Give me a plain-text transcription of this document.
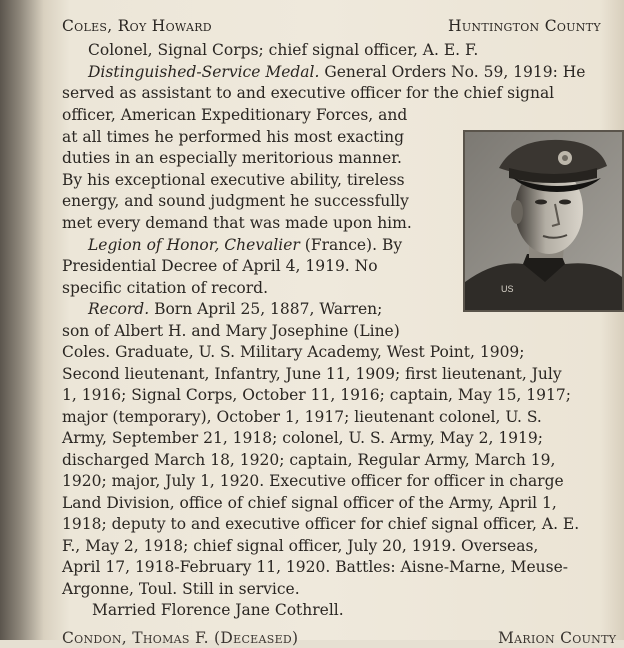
Coles, Roy Howard	Huntington County
Colonel, Signal Corps; chief signal officer, A. E. F.
Distinguished-Service Medal. General Orders No. 59, 1919: He
served as assistant to and executive officer for the chief signal
officer, American Expeditionary Forces, and
at all times he performed his most exacting
duties in an especially meritorious manner.
By his exceptional executive ability, tireless
energy, and sound judgment he successfully
met every demand that was made upon him.
Legion of Honor, Chevalier (France). By
Presidential Decree of April 4, 1919. No
specific citation of record.
Record. Born April 25, 1887, Warren;
son of Albert H. and Mary Josephine (Line)
Coles. Graduate, U. S. Military Academy, West Point, 1909;
Second lieutenant, Infantry, June 11, 1909; first lieutenant, July
1, 1916; Signal Corps, October 11, 1916; captain, May 15, 1917;
major (temporary), October 1, 1917; lieutenant colonel, U. S.
Army, September 21, 1918; colonel, U. S. Army, May 2, 1919;
discharged March 18, 1920; captain, Regular Army, March 19,
1920; major, July 1, 1920. Executive officer for officer in charge
Land Division, office of chief signal officer of the Army, April 1,
1918; deputy to and executive officer for chief signal officer, A. E.
F., May 2, 1918; chief signal officer, July 20, 1919. Overseas,
April 17, 1918-February 11, 1920. Battles: Aisne-Marne, Meuse-
Argonne, Toul. Still in service.
Married Florence Jane Cothrell.
Condon, Thomas F. (Deceased)	Marion County
US
